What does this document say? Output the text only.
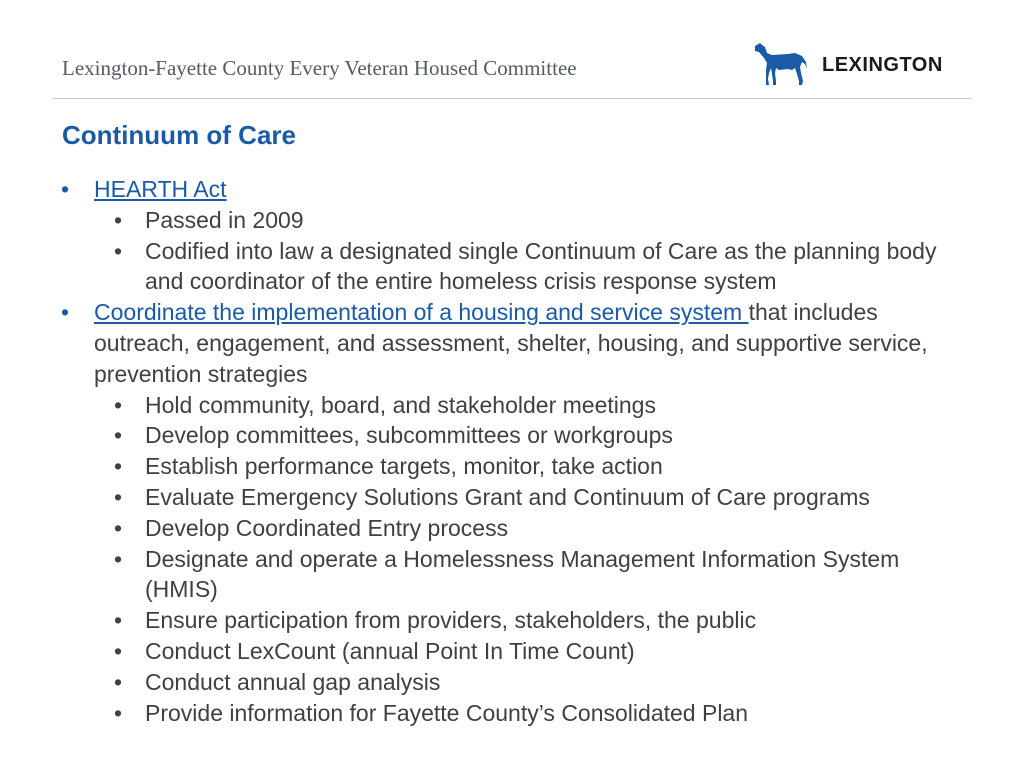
Lexington-Fayette County Every Veteran Housed Committee	LEXINGTON
Continuum of Care
• HEARTH Act
• Passed in 2009
• Codified into law a designated single Continuum of Care as the planning body and coordinator of the entire homeless crisis response system
• Coordinate the implementation of a housing and service system that includes outreach, engagement, and assessment, shelter, housing, and supportive service, prevention strategies
• Hold community, board, and stakeholder meetings
• Develop committees, subcommittees or workgroups
• Establish performance targets, monitor, take action
• Evaluate Emergency Solutions Grant and Continuum of Care programs
• Develop Coordinated Entry process
• Designate and operate a Homelessness Management Information System (HMIS)
• Ensure participation from providers, stakeholders, the public
• Conduct LexCount (annual Point In Time Count)
• Conduct annual gap analysis
• Provide information for Fayette County’s Consolidated Plan
